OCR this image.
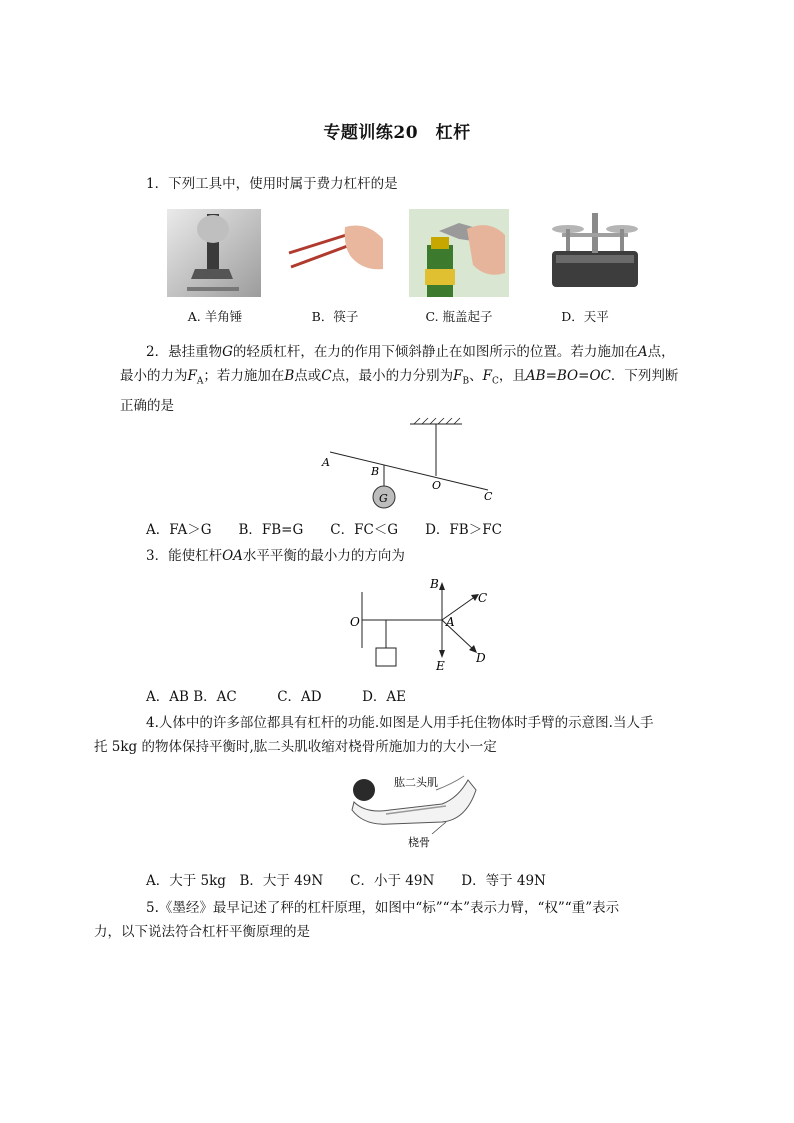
专题训练20　杠杆
1．下列工具中，使用时属于费力杠杆的是
A. 羊角锤	B．筷子	C. 瓶盖起子	D．天平
2．悬挂重物G的轻质杠杆，在力的作用下倾斜静止在如图所示的位置。若力施加在A点，最小的力为$F_A$；若力施加在B点或C点，最小的力分别为$F_B$、$F_C$，且AB=BO=OC．下列判断正确的是
G
A
B
O
C
A．FA＞G　　B．FB=G　　C．FC＜G　　D．FB＞FC
3．能使杠杆OA水平平衡的最小力的方向为
O	A
B
C
D
E
A．AB B．AC　　　C．AD　　　D．AE
4.人体中的许多部位都具有杠杆的功能.如图是人用手托住物体时手臂的示意图.当人手
托 5kg 的物体保持平衡时,肱二头肌收缩对桡骨所施加力的大小一定
肱二头肌
桡骨
A．大于 5kg　B．大于 49N　　C．小于 49N　　D．等于 49N
5.《墨经》最早记述了秤的杠杆原理，如图中“标”“本”表示力臂，“权”“重”表示
力，以下说法符合杠杆平衡原理的是
